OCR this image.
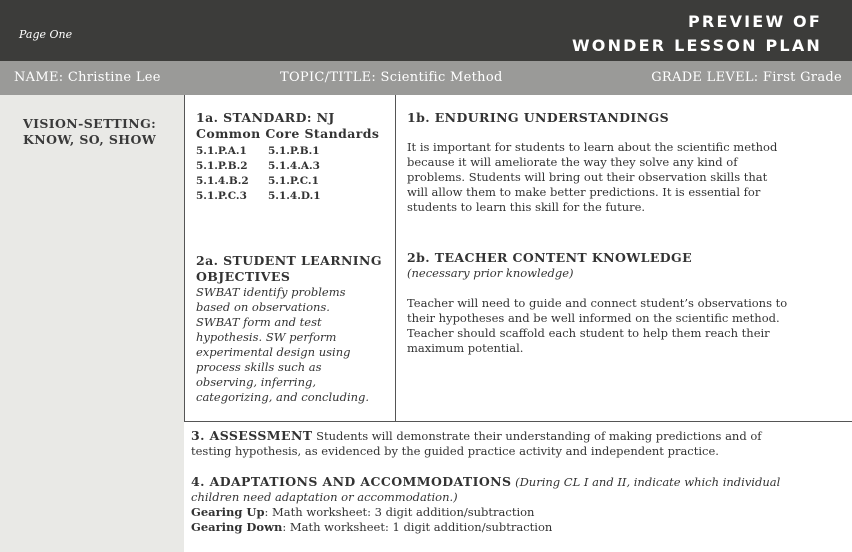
Page One
PREVIEW OF
WONDER LESSON PLAN
NAME: Christine Lee	TOPIC/TITLE: Scientific Method	GRADE LEVEL: First Grade
VISION-SETTING:
KNOW, SO, SHOW
1a. STANDARD: NJ
Common Core Standards
5.1.P.A.1	5.1.P.B.1
5.1.P.B.2	5.1.4.A.3
5.1.4.B.2	5.1.P.C.1
5.1.P.C.3	5.1.4.D.1
1b. ENDURING UNDERSTANDINGS
It is important for students to learn about the scientific method
because it will ameliorate the way they solve any kind of
problems. Students will bring out their observation skills that
will allow them to make better predictions. It is essential for
students to learn this skill for the future.
2a. STUDENT LEARNING
OBJECTIVES
SWBAT identify problems
based on observations.
SWBAT form and test
hypothesis. SW perform
experimental design using
process skills such as
observing, inferring,
categorizing, and concluding.
2b. TEACHER CONTENT KNOWLEDGE
(necessary prior knowledge)
Teacher will need to guide and connect student’s observations to
their hypotheses and be well informed on the scientific method.
Teacher should scaffold each student to help them reach their
maximum potential.
3. ASSESSMENT Students will demonstrate their understanding of making predictions and of
testing hypothesis, as evidenced by the guided practice activity and independent practice.
4. ADAPTATIONS AND ACCOMMODATIONS (During CL I and II, indicate which individual
children need adaptation or accommodation.)
Gearing Up: Math worksheet: 3 digit addition/subtraction
Gearing Down: Math worksheet: 1 digit addition/subtraction
